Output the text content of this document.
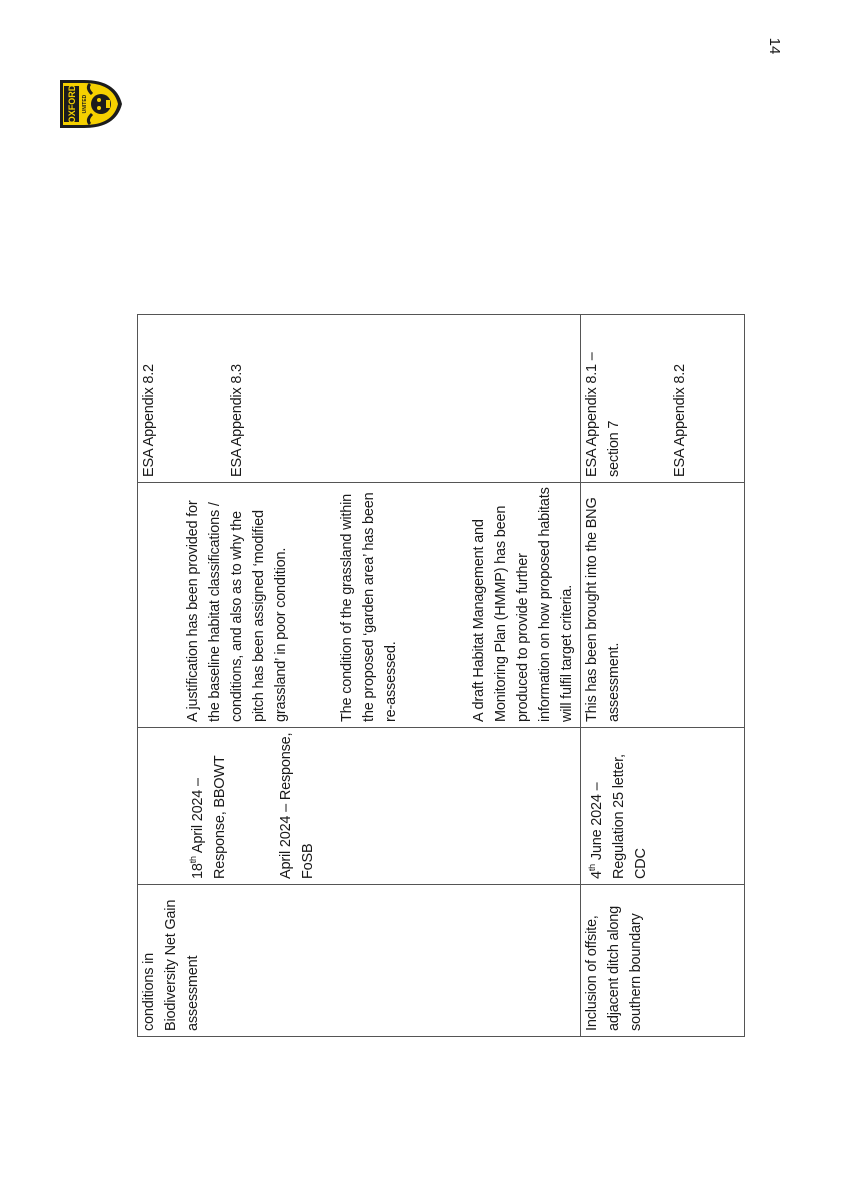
14
OXFORD UNITED
conditions in Biodiversity Net Gain assessment	18th April 2024 – Response, BBOWT April 2024 – Response, FoSB	A justification has been provided for the baseline habitat classifications / conditions, and also as to why the pitch has been assigned ‘modified grassland’ in poor condition. The condition of the grassland within the proposed ‘garden area’ has been re-assessed. A draft Habitat Management and Monitoring Plan (HMMP) has been produced to provide further information on how proposed habitats will fulfil target criteria.	ESA Appendix 8.2 ESA Appendix 8.3

Inclusion of offsite, adjacent ditch along southern boundary	4th June 2024 – Regulation 25 letter, CDC	This has been brought into the BNG assessment.	ESA Appendix 8.1 – section 7 ESA Appendix 8.2
